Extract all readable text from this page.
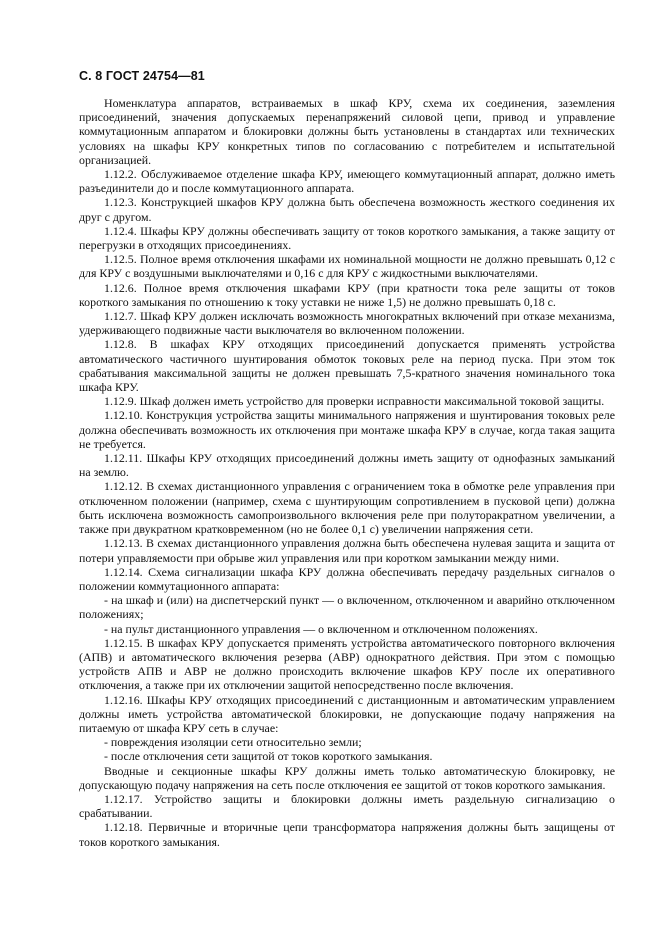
С. 8 ГОСТ 24754—81

Номенклатура аппаратов, встраиваемых в шкаф КРУ, схема их соединения, заземления присоединений, значения допускаемых перенапряжений силовой цепи, привод и управление коммутационным аппаратом и блокировки должны быть установлены в стандартах или технических условиях на шкафы КРУ конкретных типов по согласованию с потребителем и испытательной организацией.

1.12.2. Обслуживаемое отделение шкафа КРУ, имеющего коммутационный аппарат, должно иметь разъединители до и после коммутационного аппарата.

1.12.3. Конструкцией шкафов КРУ должна быть обеспечена возможность жесткого соединения их друг с другом.

1.12.4. Шкафы КРУ должны обеспечивать защиту от токов короткого замыкания, а также защиту от перегрузки в отходящих присоединениях.

1.12.5. Полное время отключения шкафами их номинальной мощности не должно превышать 0,12 с для КРУ с воздушными выключателями и 0,16 с для КРУ с жидкостными выключателями.

1.12.6. Полное время отключения шкафами КРУ (при кратности тока реле защиты от токов короткого замыкания по отношению к току уставки не ниже 1,5) не должно превышать 0,18 с.

1.12.7. Шкаф КРУ должен исключать возможность многократных включений при отказе механизма, удерживающего подвижные части выключателя во включенном положении.

1.12.8. В шкафах КРУ отходящих присоединений допускается применять устройства автоматического частичного шунтирования обмоток токовых реле на период пуска. При этом ток срабатывания максимальной защиты не должен превышать 7,5-кратного значения номинального тока шкафа КРУ.

1.12.9. Шкаф должен иметь устройство для проверки исправности максимальной токовой защиты.

1.12.10. Конструкция устройства защиты минимального напряжения и шунтирования токовых реле должна обеспечивать возможность их отключения при монтаже шкафа КРУ в случае, когда такая защита не требуется.

1.12.11. Шкафы КРУ отходящих присоединений должны иметь защиту от однофазных замыканий на землю.

1.12.12. В схемах дистанционного управления с ограничением тока в обмотке реле управления при отключенном положении (например, схема с шунтирующим сопротивлением в пусковой цепи) должна быть исключена возможность самопроизвольного включения реле при полуторакратном увеличении, а также при двукратном кратковременном (но не более 0,1 с) увеличении напряжения сети.

1.12.13. В схемах дистанционного управления должна быть обеспечена нулевая защита и защита от потери управляемости при обрыве жил управления или при коротком замыкании между ними.

1.12.14. Схема сигнализации шкафа КРУ должна обеспечивать передачу раздельных сигналов о положении коммутационного аппарата:

- на шкаф и (или) на диспетчерский пункт — о включенном, отключенном и аварийно отключенном положениях;

- на пульт дистанционного управления — о включенном и отключенном положениях.

1.12.15. В шкафах КРУ допускается применять устройства автоматического повторного включения (АПВ) и автоматического включения резерва (АВР) однократного действия. При этом с помощью устройств АПВ и АВР не должно происходить включение шкафов КРУ после их оперативного отключения, а также при их отключении защитой непосредственно после включения.

1.12.16. Шкафы КРУ отходящих присоединений с дистанционным и автоматическим управлением должны иметь устройства автоматической блокировки, не допускающие подачу напряжения на питаемую от шкафа КРУ сеть в случае:

- повреждения изоляции сети относительно земли;

- после отключения сети защитой от токов короткого замыкания.

Вводные и секционные шкафы КРУ должны иметь только автоматическую блокировку, не допускающую подачу напряжения на сеть после отключения ее защитой от токов короткого замыкания.

1.12.17. Устройство защиты и блокировки должны иметь раздельную сигнализацию о срабатывании.

1.12.18. Первичные и вторичные цепи трансформатора напряжения должны быть защищены от токов короткого замыкания.
